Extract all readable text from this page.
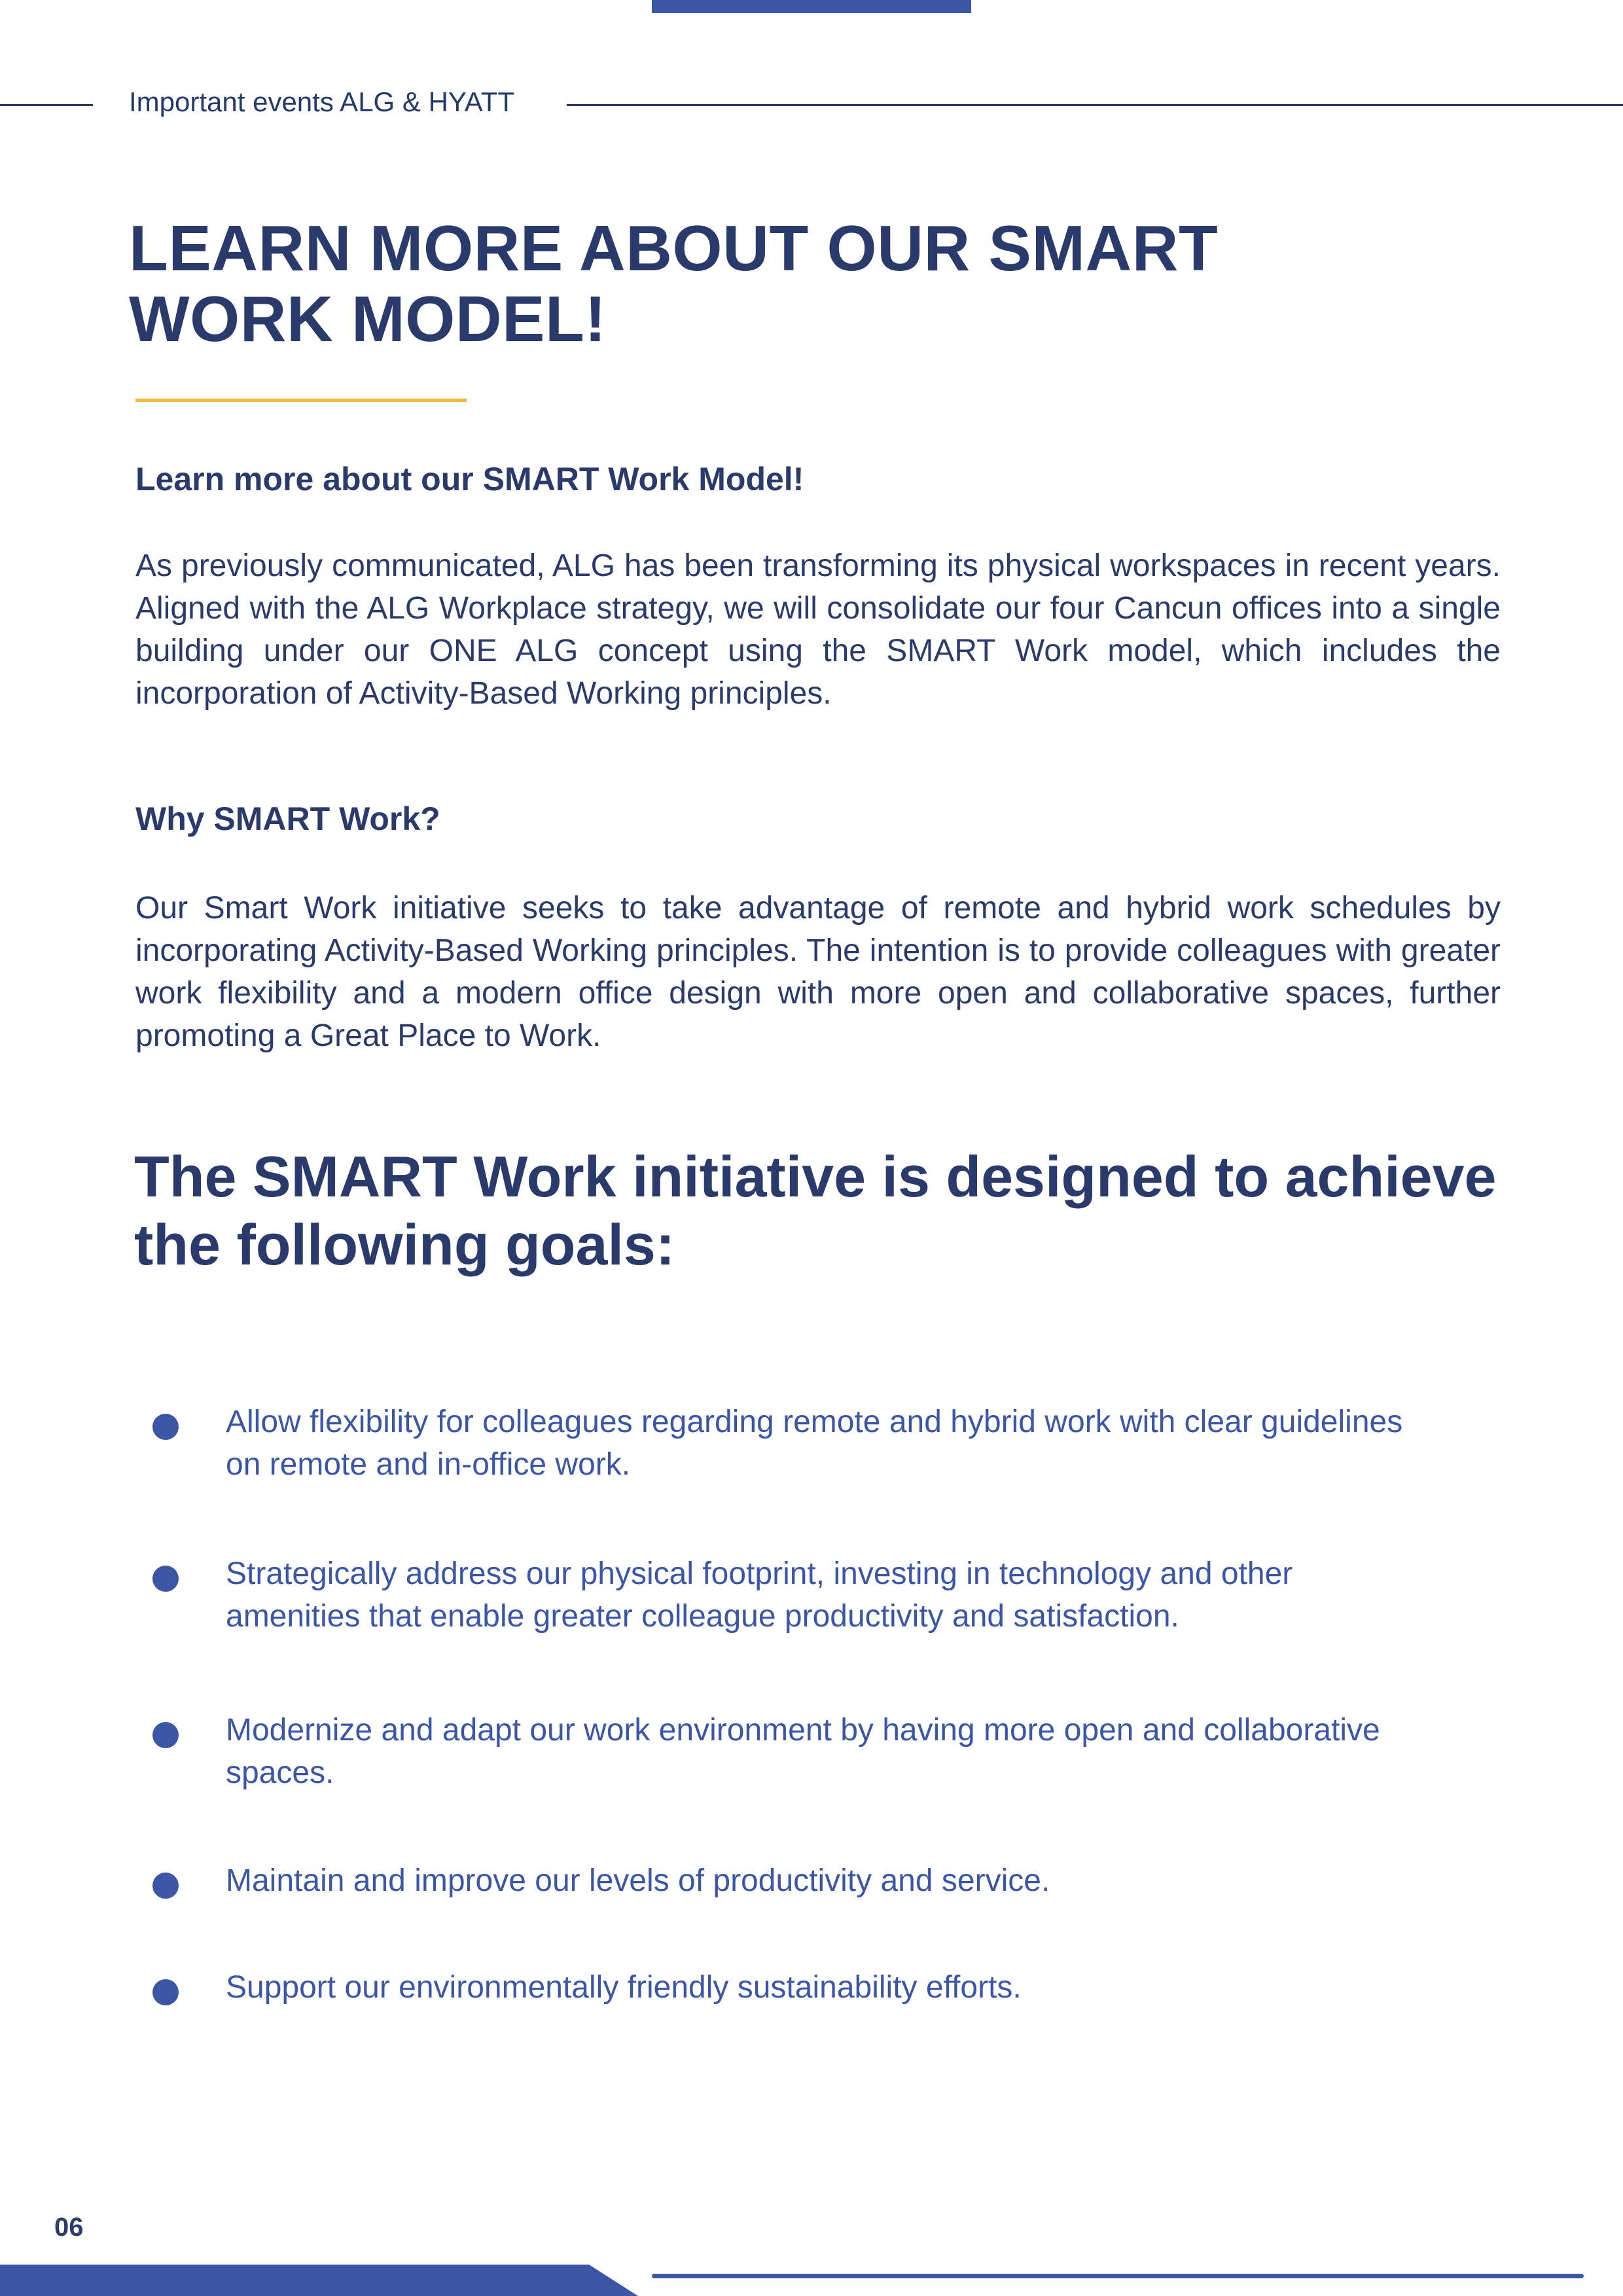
Important events ALG & HYATT
LEARN MORE ABOUT OUR SMART
WORK MODEL!
Learn more about our SMART Work Model!

As previously communicated, ALG has been transforming its physical workspaces in recent years. Aligned with the ALG Workplace strategy, we will consolidate our four Cancun offices into a single building under our ONE ALG concept using the SMART Work model, which includes the incorporation of Activity-Based Working principles.

Why SMART Work?

Our Smart Work initiative seeks to take advantage of remote and hybrid work schedules by incorporating Activity-Based Working principles. The intention is to provide colleagues with greater work flexibility and a modern office design with more open and collaborative spaces, further promoting a Great Place to Work.

The SMART Work initiative is designed to achieve
the following goals:
Allow flexibility for colleagues regarding remote and hybrid work with clear guidelines on remote and in-office work.
Strategically address our physical footprint, investing in technology and other amenities that enable greater colleague productivity and satisfaction.
Modernize and adapt our work environment by having more open and collaborative spaces.
Maintain and improve our levels of productivity and service.
Support our environmentally friendly sustainability efforts.
06
